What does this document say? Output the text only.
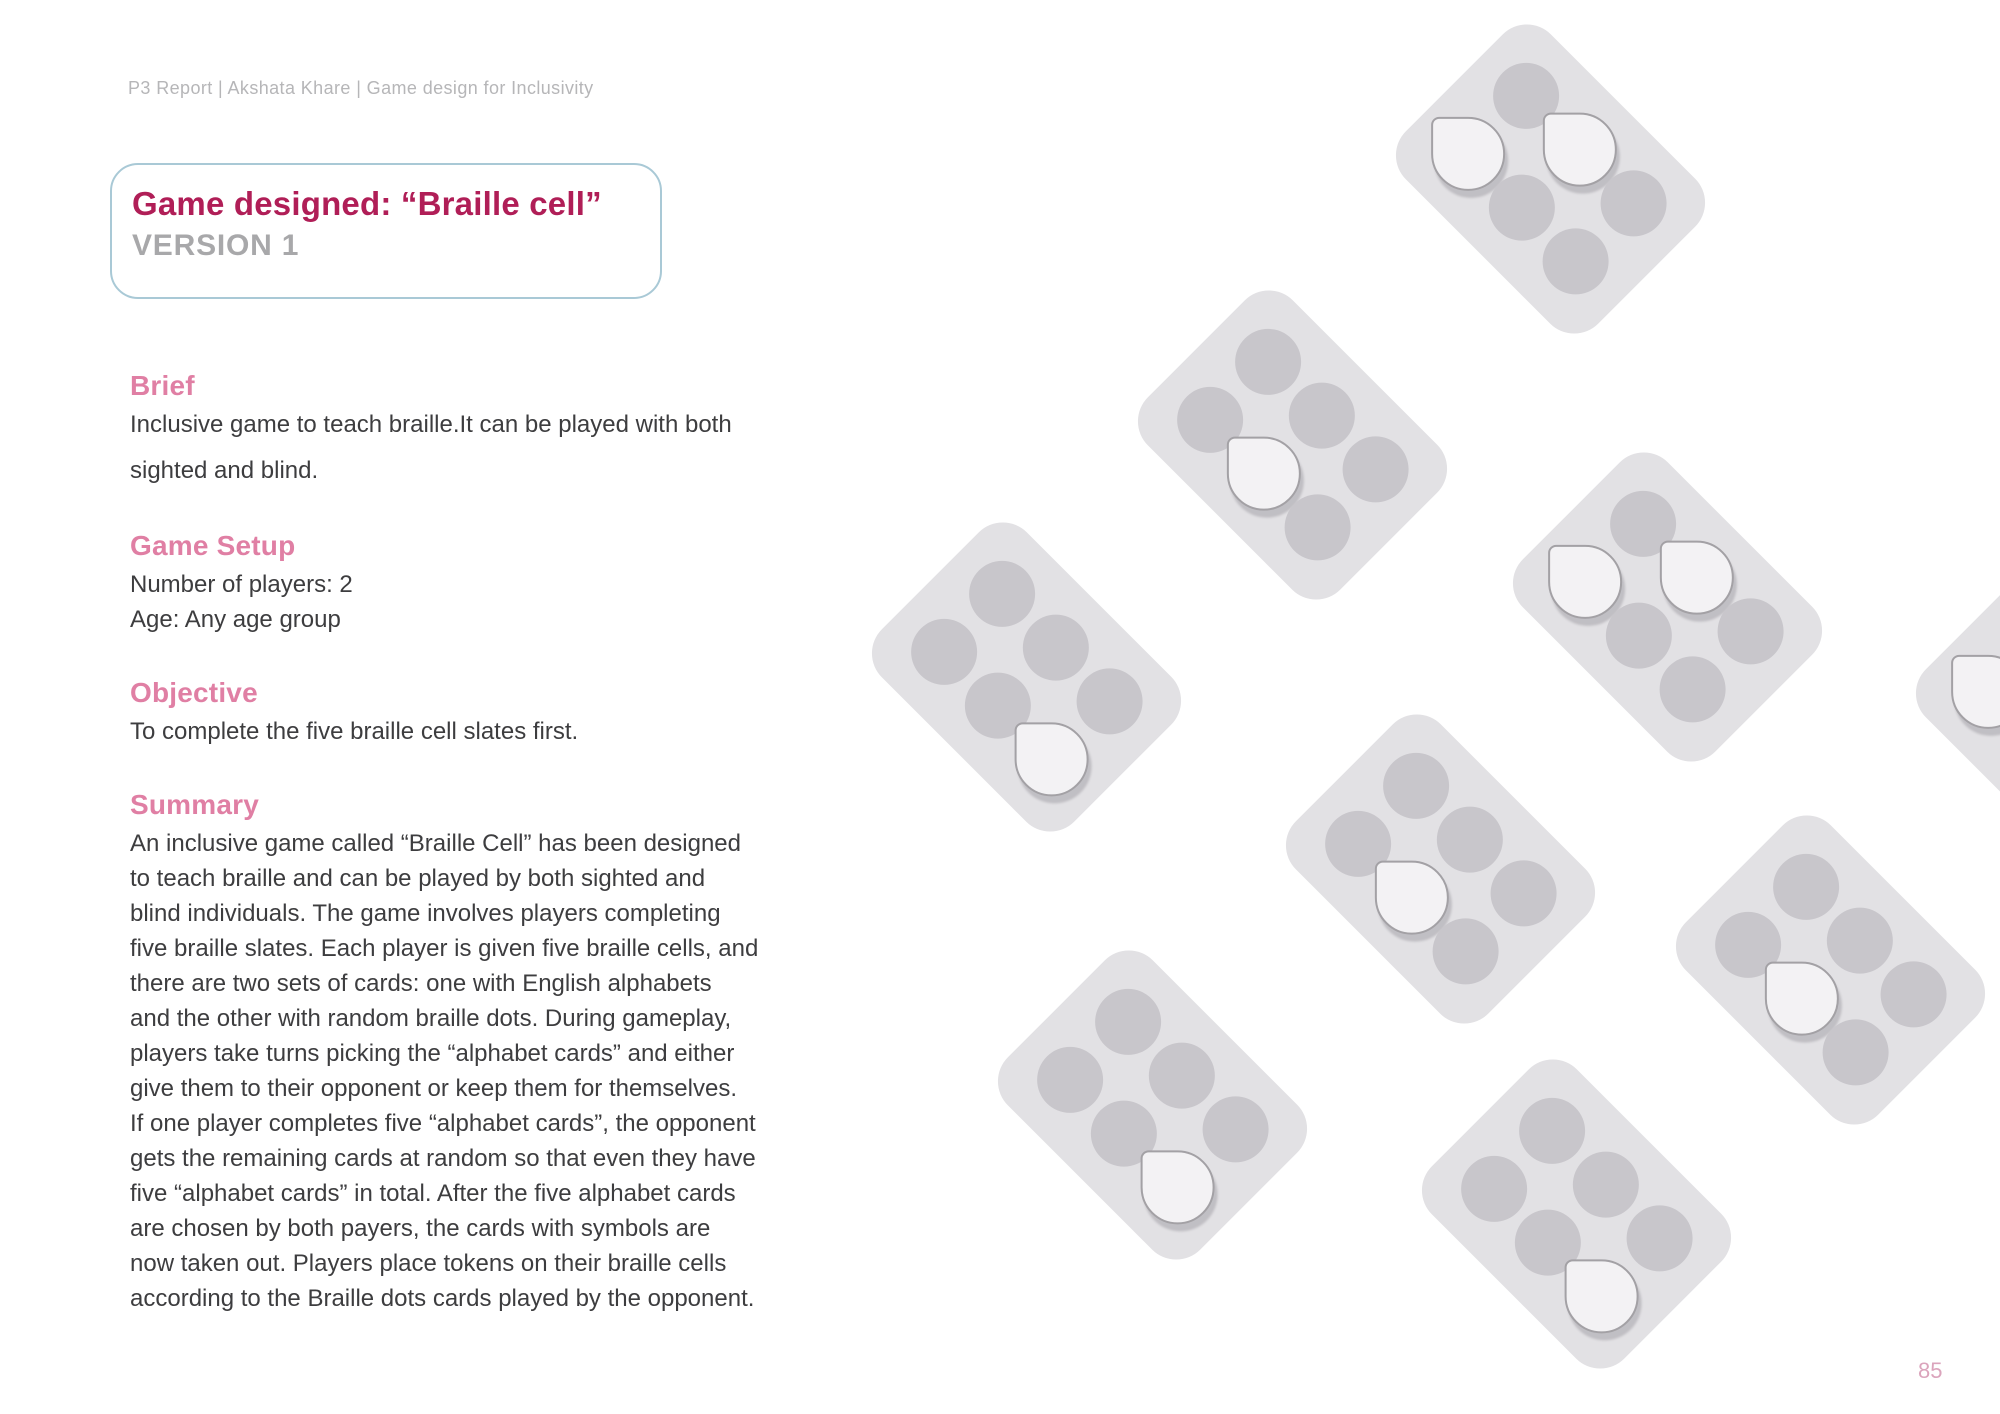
P3 Report | Akshata Khare | Game design for Inclusivity
Game designed: “Braille cell”
VERSION 1
Brief
Inclusive game to teach braille.It can be played with both
sighted and blind.
Game Setup
Number of players: 2
Age: Any age group
Objective
To complete the five braille cell slates first.
Summary
An inclusive game called “Braille Cell” has been designed
to teach braille and can be played by both sighted and
blind individuals. The game involves players completing
five braille slates. Each player is given five braille cells, and
there are two sets of cards: one with English alphabets
and the other with random braille dots. During gameplay,
players take turns picking the “alphabet cards” and either
give them to their opponent or keep them for themselves.
If one player completes five “alphabet cards”, the opponent
gets the remaining cards at random so that even they have
five “alphabet cards” in total. After the five alphabet cards
are chosen by both payers, the cards with symbols are
now taken out. Players place tokens on their braille cells
according to the Braille dots cards played by the opponent.
85
